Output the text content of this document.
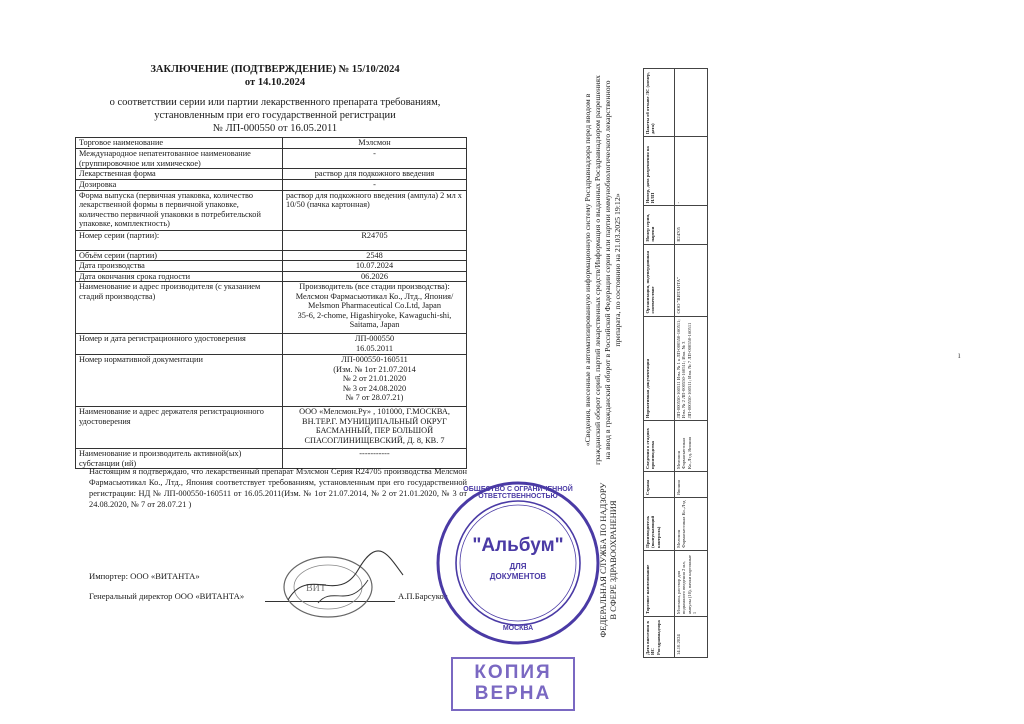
ЗАКЛЮЧЕНИЕ (ПОДТВЕРЖДЕНИЕ) № 15/10/2024
от 14.10.2024
о соответствии серии или партии лекарственного препарата требованиям,
установленным при его государственной регистрации
№ ЛП-000550 от 16.05.2011
Торговое наименование	Мэлсмон
Международное непатентованное наименование (группировочное или химическое)	-
Лекарственная форма	раствор для подкожного введения
Дозировка	-
Форма выпуска (первичная упаковка, количество лекарственной формы в первичной упаковке, количество первичной упаковки в потребительской упаковке, комплектность)	раствор для подкожного введения (ампула) 2 мл х 10/50 (пачка картонная)
Номер серии (партии):	R24705
Объём серии (партии)	2548
Дата производства	10.07.2024
Дата окончания срока годности	06.2026
Наименование и адрес производителя (с указанием стадий производства)	Производитель (все стадии производства):
Мелсмон Фармасьютикал Ко., Лтд., Япония/
Melsmon Pharmaceutical Co.Ltd, Japan
35-6, 2-chome, Higashiryoke, Kawaguchi-shi,
Saitama, Japan

Номер и дата регистрационного удостоверения	ЛП-000550
16.05.2011

Номер нормативной документации	ЛП-000550-160511
(Изм. № 1от 21.07.2014
№ 2 от 21.01.2020
№ 3 от 24.08.2020
№ 7 от 28.07.21)

Наименование и адрес держателя регистрационного удостоверения	ООО «Мелсмон.Ру» , 101000, Г.МОСКВА,
ВН.ТЕР.Г. МУНИЦИПАЛЬНЫЙ ОКРУГ
БАСМАННЫЙ, ПЕР БОЛЬШОЙ
СПАСОГЛИНИЩЕВСКИЙ, Д. 8, КВ. 7

Наименование и производитель активной(ых) субстанции (ий)	-----------
Настоящим я подтверждаю, что лекарственный препарат Мэлсмон Серия R24705 производства Мелсмон Фармасьютикал Ко., Лтд., Япония соответствует требованиям, установленным при его государственной регистрации: НД № ЛП-000550-160511 от 16.05.2011(Изм. № 1от 21.07.2014, № 2 от 21.01.2020, № 3 от 24.08.2020, № 7 от 28.07.21 )
Импортер: ООО «ВИТАНТА»
Генеральный директор ООО «ВИТАНТА»	А.П.Барсуков
ВИТ
ОБЩЕСТВО С ОГРАНИЧЕННОЙ ОТВЕТСТВЕННОСТЬЮ
"Альбум"
ДЛЯ
ДОКУМЕНТОВ
МОСКВА
КОПИЯ
ВЕРНА
«Сведения, внесенные в автоматизированную информационную систему Росздравнадзора перед вводом в гражданский оборот серий, партий лекарственных средств/Информация о выданных Росздравнадзором разрешениях на ввод в гражданский оборот в Российской Федерации серии или партии иммунобиологического лекарственного препарата, по состоянию на 21.03.2025 19:12»
ФЕДЕРАЛЬНАЯ СЛУЖБА ПО НАДЗОРУ В СФЕРЕ ЗДРАВООХРАНЕНИЯ
Дата внесения в ИС Росздравнадзора	Торговое наименование	Производитель (выпускающий контроль)	Страна	Сведения о стадиях производства	Нормативная документация	Организация, подтвердившая соответствие	Номер серии, партии	Номер, дата разрешения на ИЛП	Пакеты об отзыве ЛС (номер, дата)
14.10.2024	Мэлсмон, раствор для подкожного введения 2 мл, ампулы (10), пачки картонные 1	Мелсмон Фармасьютикал Ко.,Лтд	Япония	Мелсмон Фармасьютикал Ко.,Лтд, Япония	ЛП-000550-160511 Изм. № 1 к ЛП-000550-160511; Изм. № 2 ЛП-000550-160511; Изм. № 3 ЛП-000550-160511; Изм. № 7 ЛП-000550-160511	ООО "ВИТАНТА"	R24705	-	
ı
